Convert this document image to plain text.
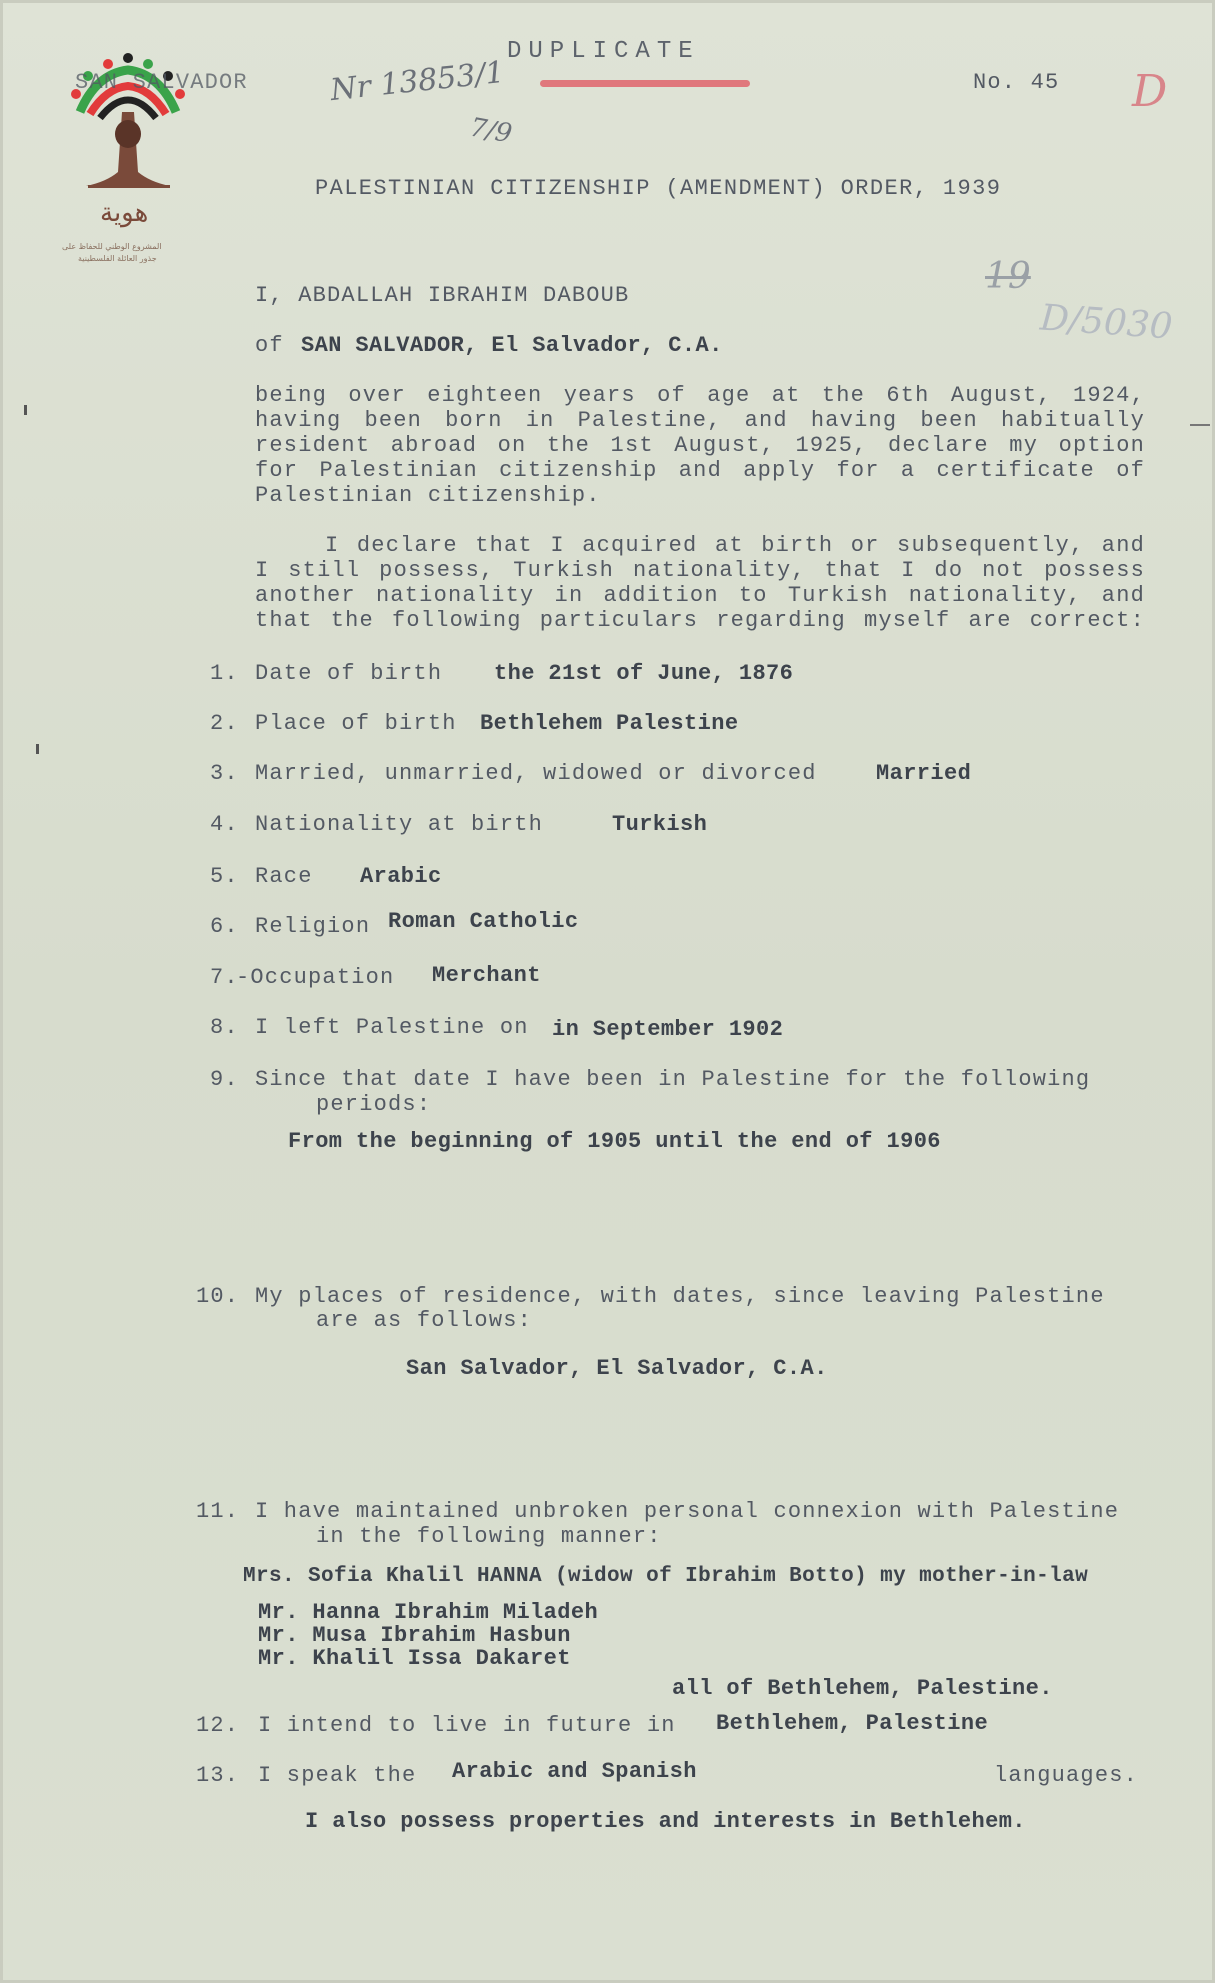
هوية
المشروع الوطني للحفاظ على
جذور العائلة الفلسطينية
DUPLICATE
SAN SALVADOR	Nr 13853/1
7/9
No. 45 D
PALESTINIAN CITIZENSHIP (AMENDMENT) ORDER, 1939
19
D/5030
I, ABDALLAH IBRAHIM DABOUB
of SAN SALVADOR, El Salvador, C.A.
being over eighteen years of age at the 6th August, 1924,
having been born in Palestine, and having been habitually
resident abroad on the 1st August, 1925, declare my option
for Palestinian citizenship and apply for a certificate of
Palestinian citizenship.
I declare that I acquired at birth or subsequently, and
I still possess, Turkish nationality, that I do not possess
another nationality in addition to Turkish nationality, and
that the following particulars regarding myself are correct:
1. Date of birth the 21st of June, 1876
2. Place of birth Bethlehem Palestine
3. Married, unmarried, widowed or divorced	Married
4. Nationality at birth	Turkish
5. Race Arabic
6. Religion Roman Catholic
7.
-Occupation Merchant
8. I left Palestine on in September 1902
9. Since that date I have been in Palestine for the following
periods:
From the beginning of 1905 until the end of 1906
10. My places of residence, with dates, since leaving Palestine
are as follows:
San Salvador, El Salvador, C.A.
11. I have maintained unbroken personal connexion with Palestine
in the following manner:
Mrs. Sofia Khalil HANNA (widow of Ibrahim Botto) my mother-in-law
Mr. Hanna Ibrahim Miladeh
Mr. Musa Ibrahim Hasbun
Mr. Khalil Issa Dakaret
all of Bethlehem, Palestine.
12. I intend to live in future in Bethlehem, Palestine
13. I speak the Arabic and Spanish	languages.
I also possess properties and interests in Bethlehem.
